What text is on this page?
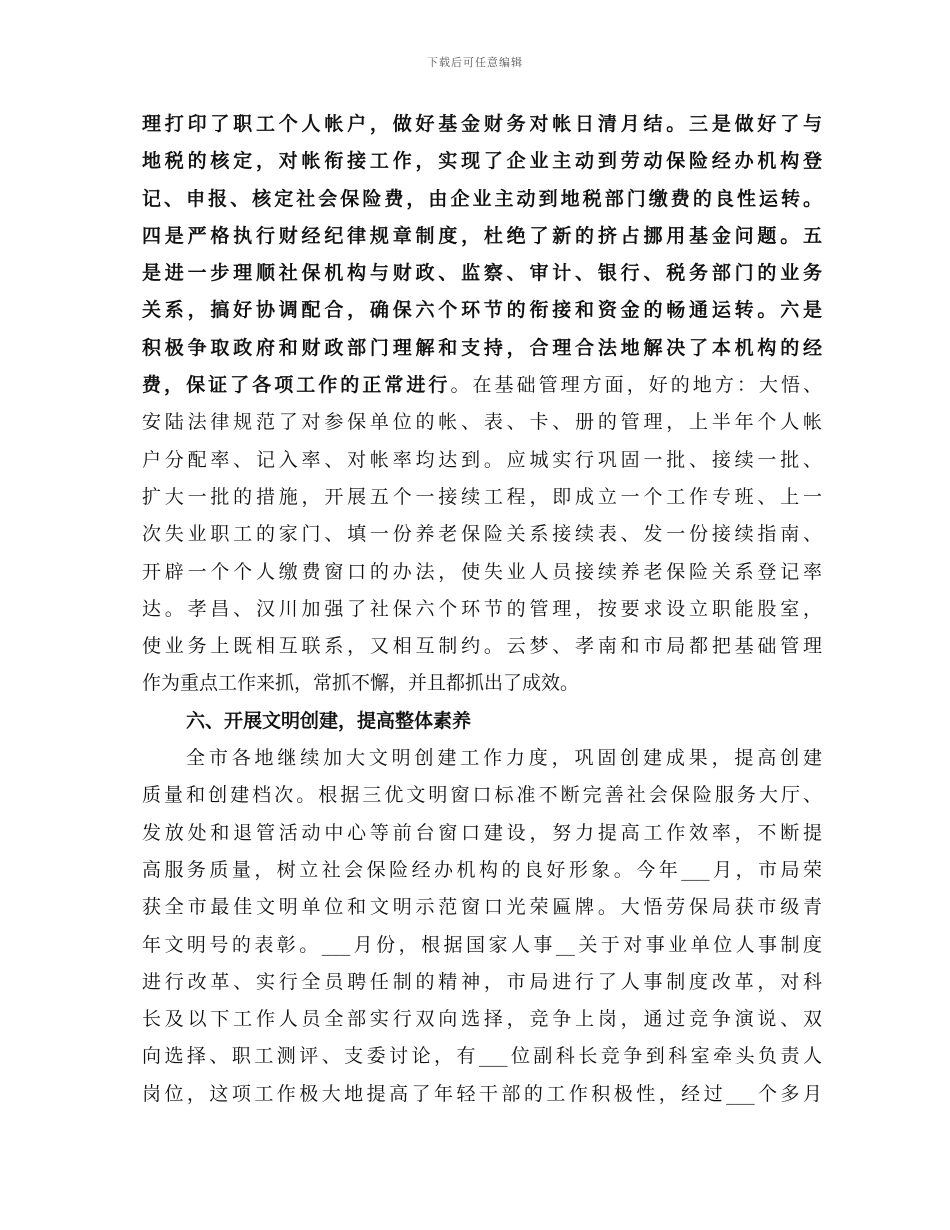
下载后可任意编辑
理打印了职工个人帐户，做好基金财务对帐日清月结。三是做好了与
地税的核定，对帐衔接工作，实现了企业主动到劳动保险经办机构登
记、申报、核定社会保险费，由企业主动到地税部门缴费的良性运转。
四是严格执行财经纪律规章制度，杜绝了新的挤占挪用基金问题。五
是进一步理顺社保机构与财政、监察、审计、银行、税务部门的业务
关系，搞好协调配合，确保六个环节的衔接和资金的畅通运转。六是
积极争取政府和财政部门理解和支持，合理合法地解决了本机构的经
费，保证了各项工作的正常进行。在基础管理方面，好的地方：大悟、
安陆法律规范了对参保单位的帐、表、卡、册的管理，上半年个人帐
户分配率、记入率、对帐率均达到。应城实行巩固一批、接续一批、
扩大一批的措施，开展五个一接续工程，即成立一个工作专班、上一
次失业职工的家门、填一份养老保险关系接续表、发一份接续指南、
开辟一个个人缴费窗口的办法，使失业人员接续养老保险关系登记率
达。孝昌、汉川加强了社保六个环节的管理，按要求设立职能股室，
使业务上既相互联系，又相互制约。云梦、孝南和市局都把基础管理
作为重点工作来抓，常抓不懈，并且都抓出了成效。
六、开展文明创建，提高整体素养
全市各地继续加大文明创建工作力度，巩固创建成果，提高创建
质量和创建档次。根据三优文明窗口标准不断完善社会保险服务大厅、
发放处和退管活动中心等前台窗口建设，努力提高工作效率，不断提
高服务质量，树立社会保险经办机构的良好形象。今年___月，市局荣
获全市最佳文明单位和文明示范窗口光荣匾牌。大悟劳保局获市级青
年文明号的表彰。___月份，根据国家人事__关于对事业单位人事制度
进行改革、实行全员聘任制的精神，市局进行了人事制度改革，对科
长及以下工作人员全部实行双向选择，竞争上岗，通过竞争演说、双
向选择、职工测评、支委讨论，有___位副科长竞争到科室牵头负责人
岗位，这项工作极大地提高了年轻干部的工作积极性，经过___个多月
